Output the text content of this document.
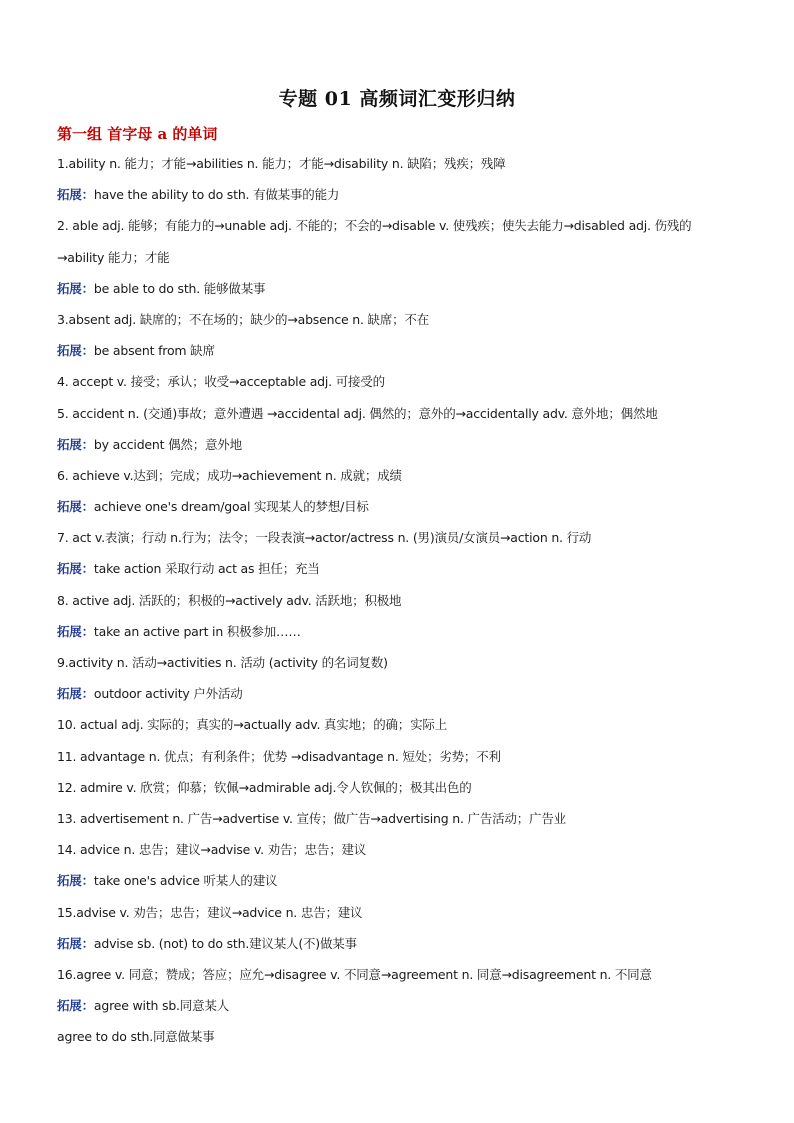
专题 01 高频词汇变形归纳
第一组 首字母 a 的单词
1.ability n. 能力；才能→abilities n. 能力；才能→disability n. 缺陷；残疾；残障
拓展：have the ability to do sth. 有做某事的能力
2. able adj. 能够；有能力的→unable adj. 不能的；不会的→disable v. 使残疾；使失去能力→disabled adj. 伤残的
→ability 能力；才能
拓展：be able to do sth. 能够做某事
3.absent adj. 缺席的；不在场的；缺少的→absence n. 缺席；不在
拓展：be absent from 缺席
4. accept v. 接受；承认；收受→acceptable adj. 可接受的
5. accident n. (交通)事故；意外遭遇 →accidental adj. 偶然的；意外的→accidentally adv. 意外地；偶然地
拓展：by accident 偶然；意外地
6. achieve v.达到；完成；成功→achievement n. 成就；成绩
拓展：achieve one's dream/goal 实现某人的梦想/目标
7. act v.表演；行动 n.行为；法令；一段表演→actor/actress n. (男)演员/女演员→action n. 行动
拓展：take action 采取行动 act as 担任；充当
8. active adj. 活跃的；积极的→actively adv. 活跃地；积极地
拓展：take an active part in 积极参加……
9.activity n. 活动→activities n. 活动 (activity 的名词复数)
拓展：outdoor activity 户外活动
10. actual adj. 实际的；真实的→actually adv. 真实地；的确；实际上
11. advantage n. 优点；有利条件；优势 →disadvantage n. 短处；劣势；不利
12. admire v. 欣赏；仰慕；钦佩→admirable adj.令人钦佩的；极其出色的
13. advertisement n. 广告→advertise v. 宣传；做广告→advertising n. 广告活动；广告业
14. advice n. 忠告；建议→advise v. 劝告；忠告；建议
拓展：take one's advice 听某人的建议
15.advise v. 劝告；忠告；建议→advice n. 忠告；建议
拓展：advise sb. (not) to do sth.建议某人(不)做某事
16.agree v. 同意；赞成；答应；应允→disagree v. 不同意→agreement n. 同意→disagreement n. 不同意
拓展：agree with sb.同意某人
agree to do sth.同意做某事
